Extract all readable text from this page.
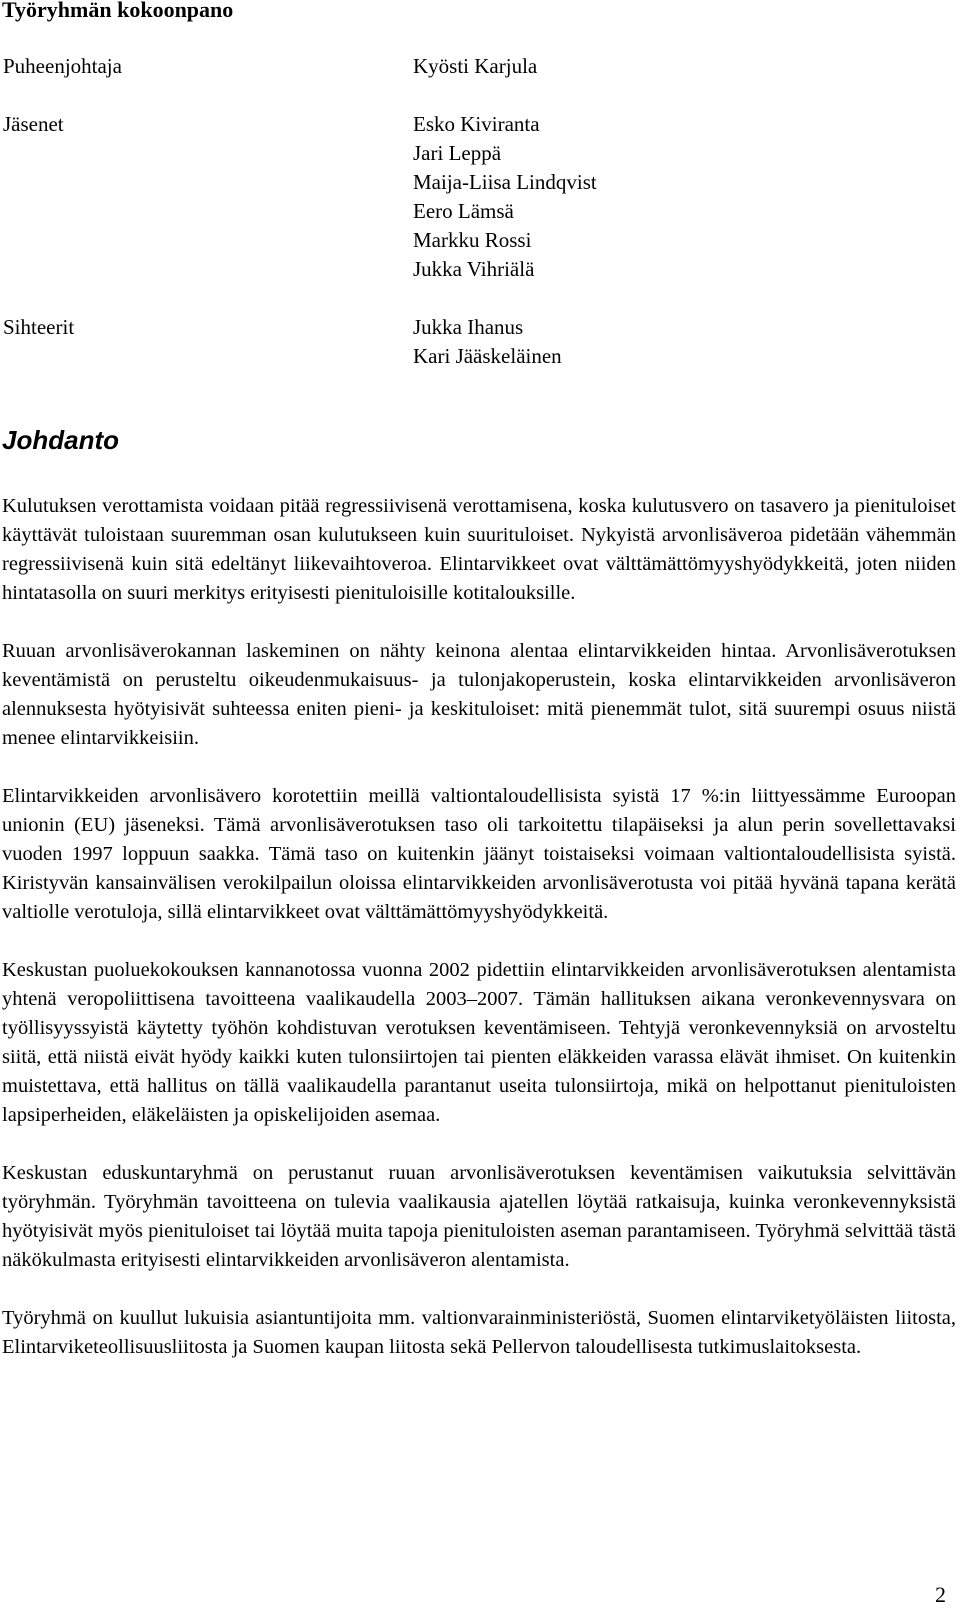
Työryhmän kokoonpano
Puheenjohtaja	Kyösti Karjula
Jäsenet	Esko Kiviranta
Jari Leppä
Maija-Liisa Lindqvist
Eero Lämsä
Markku Rossi
Jukka Vihriälä
Sihteerit	Jukka Ihanus
Kari Jääskeläinen
Johdanto

Kulutuksen verottamista voidaan pitää regressiivisenä verottamisena, koska kulutusvero on tasavero ja pienituloiset käyttävät tuloistaan suuremman osan kulutukseen kuin suurituloiset. Nykyistä arvonlisäveroa pidetään vähemmän regressiivisenä kuin sitä edeltänyt liikevaihtoveroa. Elintarvikkeet ovat välttämättömyyshyödykkeitä, joten niiden hintatasolla on suuri merkitys erityisesti pienituloisille kotitalouksille.

Ruuan arvonlisäverokannan laskeminen on nähty keinona alentaa elintarvikkeiden hintaa. Arvonlisäverotuksen keventämistä on perusteltu oikeudenmukaisuus- ja tulonjakoperustein, koska elintarvikkeiden arvonlisäveron alennuksesta hyötyisivät suhteessa eniten pieni- ja keskituloiset: mitä pienemmät tulot, sitä suurempi osuus niistä menee elintarvikkeisiin.

Elintarvikkeiden arvonlisävero korotettiin meillä valtiontaloudellisista syistä 17 %:in liittyessämme Euroopan unionin (EU) jäseneksi. Tämä arvonlisäverotuksen taso oli tarkoitettu tilapäiseksi ja alun perin sovellettavaksi vuoden 1997 loppuun saakka. Tämä taso on kuitenkin jäänyt toistaiseksi voimaan valtiontaloudellisista syistä. Kiristyvän kansainvälisen verokilpailun oloissa elintarvikkeiden arvonlisäverotusta voi pitää hyvänä tapana kerätä valtiolle verotuloja, sillä elintarvikkeet ovat välttämättömyyshyödykkeitä.

Keskustan puoluekokouksen kannanotossa vuonna 2002 pidettiin elintarvikkeiden arvonlisäverotuksen alentamista yhtenä veropoliittisena tavoitteena vaalikaudella 2003–2007. Tämän hallituksen aikana veronkevennysvara on työllisyyssyistä käytetty työhön kohdistuvan verotuksen keventämiseen. Tehtyjä veronkevennyksiä on arvosteltu siitä, että niistä eivät hyödy kaikki kuten tulonsiirtojen tai pienten eläkkeiden varassa elävät ihmiset. On kuitenkin muistettava, että hallitus on tällä vaalikaudella parantanut useita tulonsiirtoja, mikä on helpottanut pienituloisten lapsiperheiden, eläkeläisten ja opiskelijoiden asemaa.

Keskustan eduskuntaryhmä on perustanut ruuan arvonlisäverotuksen keventämisen vaikutuksia selvittävän työryhmän. Työryhmän tavoitteena on tulevia vaalikausia ajatellen löytää ratkaisuja, kuinka veronkevennyksistä hyötyisivät myös pienituloiset tai löytää muita tapoja pienituloisten aseman parantamiseen. Työryhmä selvittää tästä näkökulmasta erityisesti elintarvikkeiden arvonlisäveron alentamista.

Työryhmä on kuullut lukuisia asiantuntijoita mm. valtionvarainministeriöstä, Suomen elintarviketyöläisten liitosta, Elintarviketeollisuusliitosta ja Suomen kaupan liitosta sekä Pellervon taloudellisesta tutkimuslaitoksesta.

2
